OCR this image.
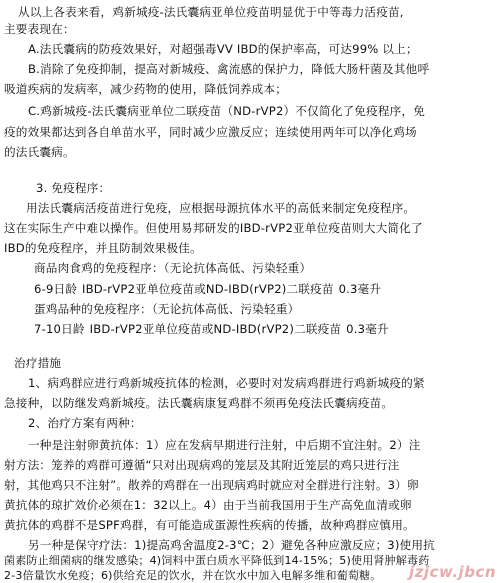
从以上各表来看，鸡新城疫-法氏囊病亚单位疫苗明显优于中等毒力活疫苗,
主要表现在：
A.法氏囊病的防疫效果好，对超强毒VV IBD的保护率高，可达99% 以上；
B.消除了免疫抑制，提高对新城疫、禽流感的保护力，降低大肠杆菌及其他呼
吸道疾病的发病率，减少药物的使用，降低饲养成本；
C.鸡新城疫-法氏囊病亚单位二联疫苗（ND-rVP2）不仅简化了免疫程序，免
疫的效果都达到各自单苗水平，同时减少应激反应；连续使用两年可以净化鸡场
的法氏囊病。
3. 免疫程序：
用法氏囊病活疫苗进行免疫，应根据母源抗体水平的高低来制定免疫程序。
这在实际生产中难以操作。但使用易邦研发的IBD-rVP2亚单位疫苗则大大简化了
IBD的免疫程序，并且防制效果极佳。
商品肉食鸡的免疫程序：（无论抗体高低、污染轻重）
6-9日龄 IBD-rVP2亚单位疫苗或ND-IBD(rVP2)二联疫苗 0.3毫升
蛋鸡品种的免疫程序：（无论抗体高低、污染轻重）
7-10日龄 IBD-rVP2亚单位疫苗或ND-IBD(rVP2)二联疫苗 0.3毫升
治疗措施
1、病鸡群应进行鸡新城疫抗体的检测，必要时对发病鸡群进行鸡新城疫的紧
急接种，以防继发鸡新城疫。法氏囊病康复鸡群不须再免疫法氏囊病疫苗。
2、治疗方案有两种：
一种是注射卵黄抗体：1）应在发病早期进行注射，中后期不宜注射。2）注
射方法：笼养的鸡群可遵循“只对出现病鸡的笼层及其附近笼层的鸡只进行注
射，其他鸡只不注射”。散养的鸡群在一出现病鸡时就应对全群进行注射。3）卵
黄抗体的琼扩效价必须在1：32以上。4）由于当前我国用于生产高免血清或卵
黄抗体的鸡群不是SPF鸡群，有可能造成蛋源性疾病的传播，故种鸡群应慎用。
另一种是保守疗法：1)提高鸡舍温度2-3℃；2）避免各种应激反应；3)使用抗
菌素防止细菌病的继发感染；4)饲料中蛋白质水平降低到14-15%；5)使用肾肿解毒药
2-3倍量饮水免疫；6)供给充足的饮水，并在饮水中加入电解多维和葡萄糖。 jzjcw.jbcn
